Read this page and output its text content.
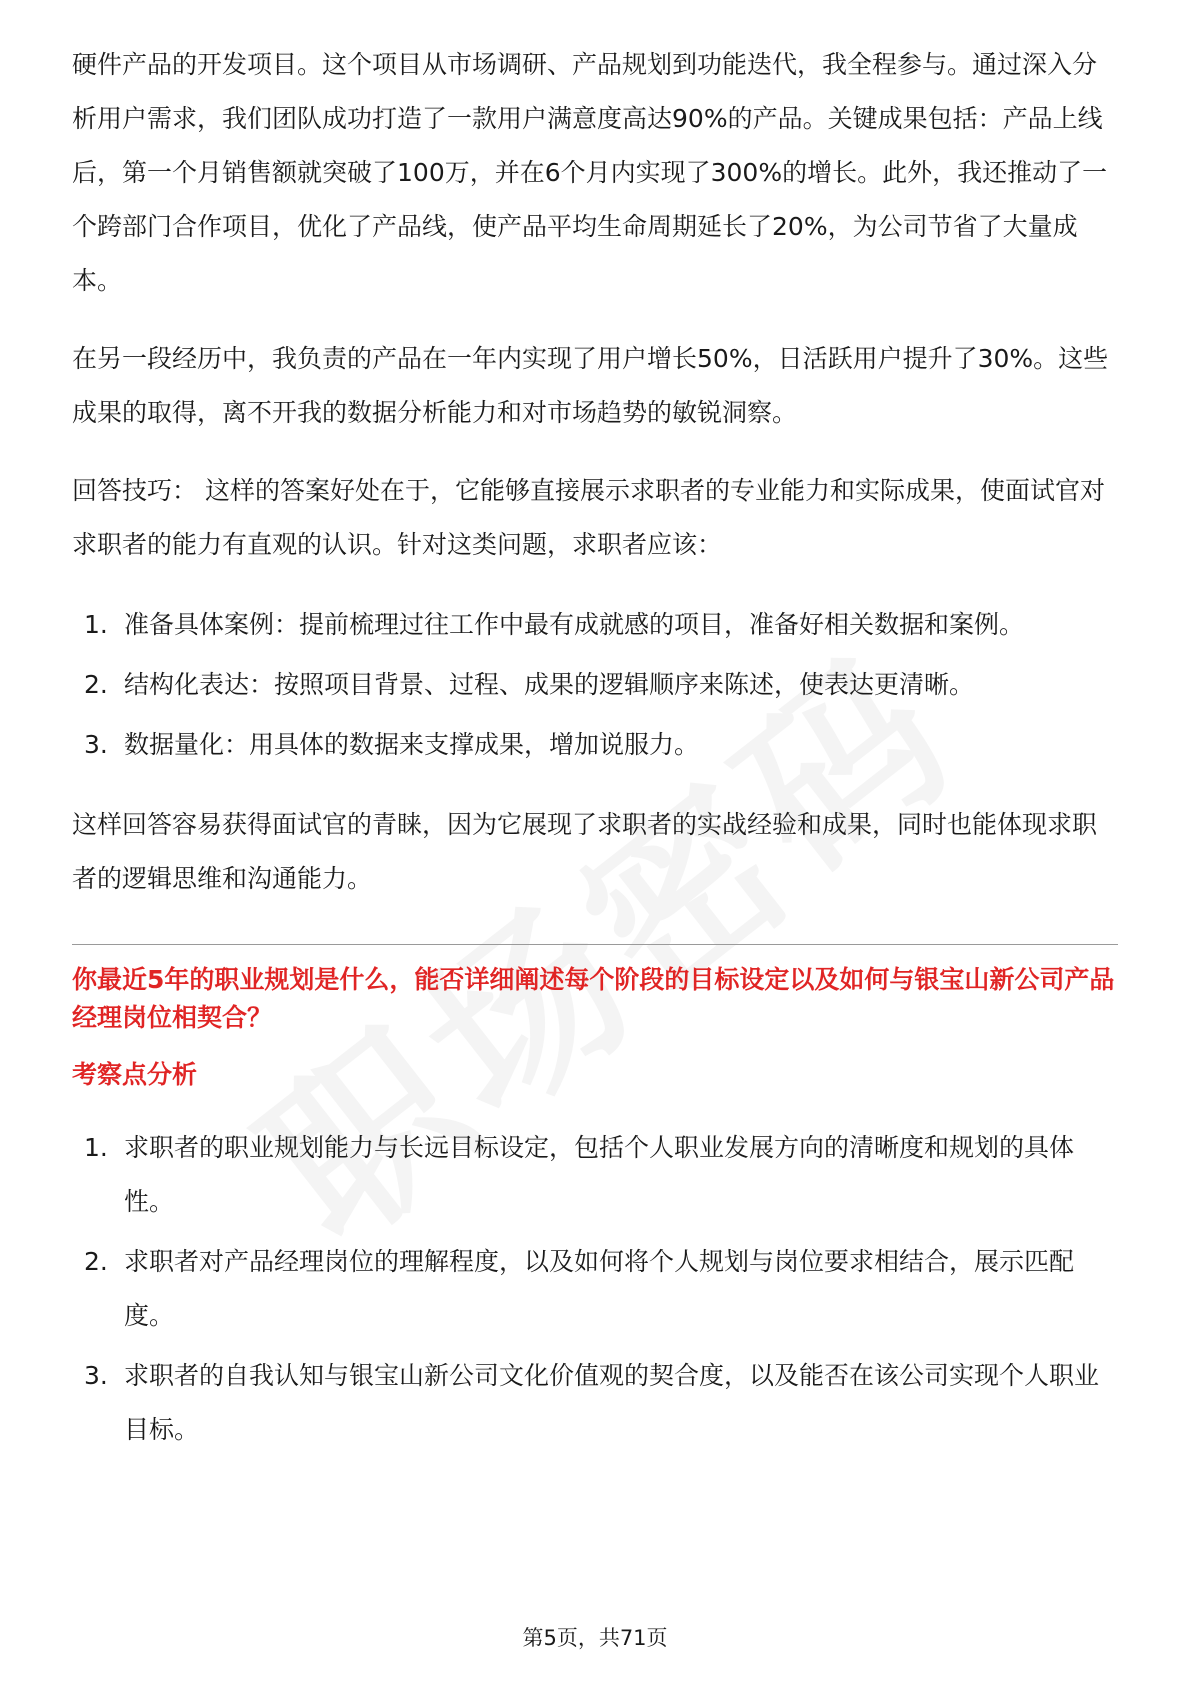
硬件产品的开发项目。这个项目从市场调研、产品规划到功能迭代，我全程参与。通过深入分析用户需求，我们团队成功打造了一款用户满意度高达90%的产品。关键成果包括：产品上线后，第一个月销售额就突破了100万，并在6个月内实现了300%的增长。此外，我还推动了一个跨部门合作项目，优化了产品线，使产品平均生命周期延长了20%，为公司节省了大量成本。

在另一段经历中，我负责的产品在一年内实现了用户增长50%，日活跃用户提升了30%。这些成果的取得，离不开我的数据分析能力和对市场趋势的敏锐洞察。

回答技巧： 这样的答案好处在于，它能够直接展示求职者的专业能力和实际成果，使面试官对求职者的能力有直观的认识。针对这类问题，求职者应该：

1. 准备具体案例：提前梳理过往工作中最有成就感的项目，准备好相关数据和案例。
2. 结构化表达：按照项目背景、过程、成果的逻辑顺序来陈述，使表达更清晰。
3. 数据量化：用具体的数据来支撑成果，增加说服力。

这样回答容易获得面试官的青睐，因为它展现了求职者的实战经验和成果，同时也能体现求职者的逻辑思维和沟通能力。

你最近5年的职业规划是什么，能否详细阐述每个阶段的目标设定以及如何与银宝山新公司产品经理岗位相契合？

考察点分析

1. 求职者的职业规划能力与长远目标设定，包括个人职业发展方向的清晰度和规划的具体性。
2. 求职者对产品经理岗位的理解程度，以及如何将个人规划与岗位要求相结合，展示匹配度。
3. 求职者的自我认知与银宝山新公司文化价值观的契合度，以及能否在该公司实现个人职业目标。
第5页，共71页
